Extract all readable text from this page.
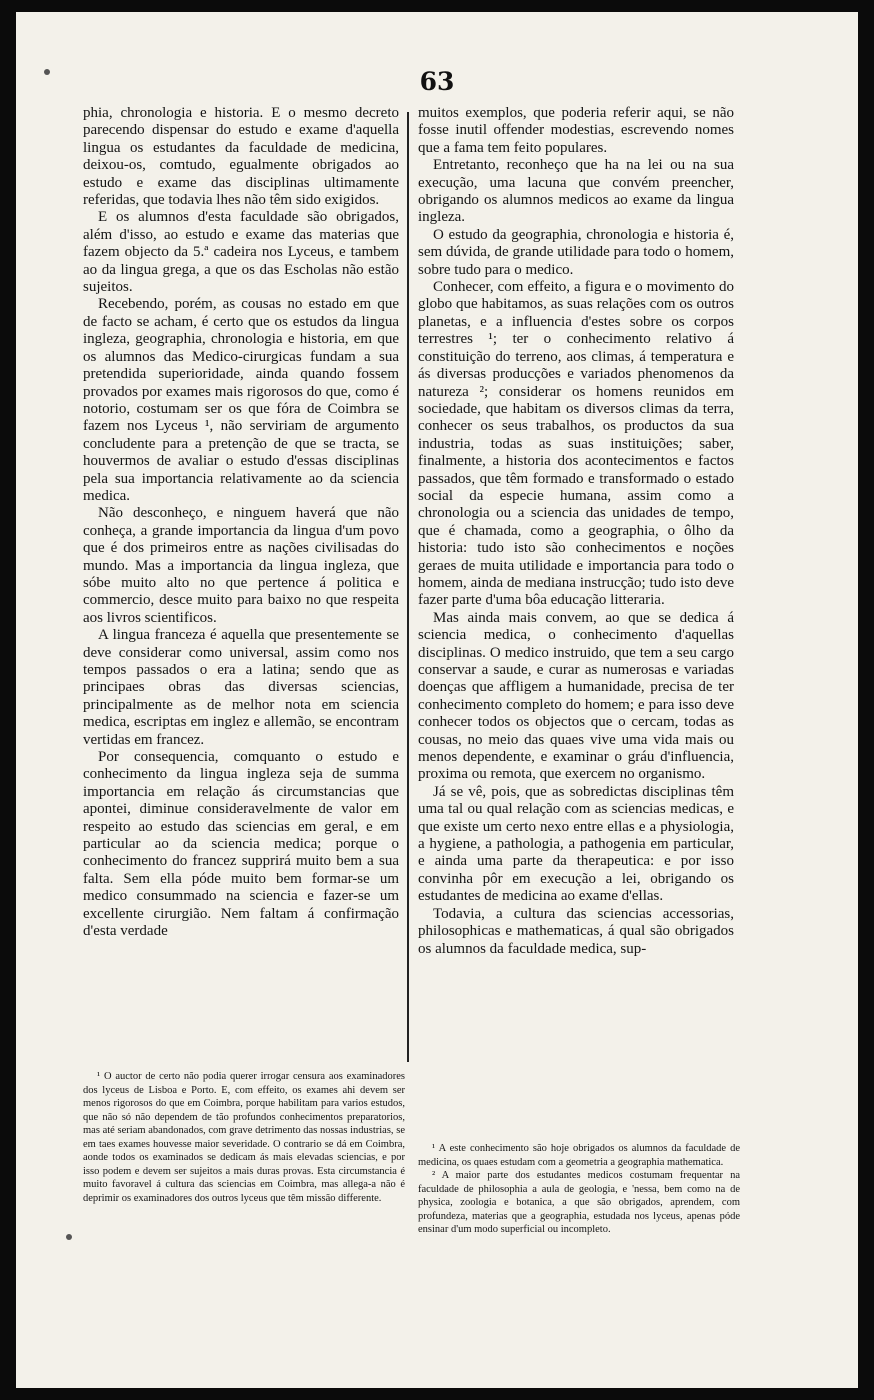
63

phia, chronologia e historia. E o mesmo decreto parecendo dispensar do estudo e exame d'aquella lingua os estudantes da faculdade de medicina, deixou-os, comtudo, egualmente obrigados ao estudo e exame das disciplinas ultimamente referidas, que todavia lhes não têm sido exigidos.

E os alumnos d'esta faculdade são obrigados, além d'isso, ao estudo e exame das materias que fazem objecto da 5.ª cadeira nos Lyceus, e tambem ao da lingua grega, a que os das Escholas não estão sujeitos.

Recebendo, porém, as cousas no estado em que de facto se acham, é certo que os estudos da lingua ingleza, geographia, chronologia e historia, em que os alumnos das Medico-cirurgicas fundam a sua pretendida superioridade, ainda quando fossem provados por exames mais rigorosos do que, como é notorio, costumam ser os que fóra de Coimbra se fazem nos Lyceus ¹, não serviriam de argumento concludente para a pretenção de que se tracta, se houvermos de avaliar o estudo d'essas disciplinas pela sua importancia relativamente ao da sciencia medica.

Não desconheço, e ninguem haverá que não conheça, a grande importancia da lingua d'um povo que é dos primeiros entre as nações civilisadas do mundo. Mas a importancia da lingua ingleza, que sóbe muito alto no que pertence á politica e commercio, desce muito para baixo no que respeita aos livros scientificos.

A lingua franceza é aquella que presentemente se deve considerar como universal, assim como nos tempos passados o era a latina; sendo que as principaes obras das diversas sciencias, principalmente as de melhor nota em sciencia medica, escriptas em inglez e allemão, se encontram vertidas em francez.

Por consequencia, comquanto o estudo e conhecimento da lingua ingleza seja de summa importancia em relação ás circumstancias que apontei, diminue consideravelmente de valor em respeito ao estudo das sciencias em geral, e em particular ao da sciencia medica; porque o conhecimento do francez supprirá muito bem a sua falta. Sem ella póde muito bem formar-se um medico consummado na sciencia e fazer-se um excellente cirurgião. Nem faltam á confirmação d'esta verdade

muitos exemplos, que poderia referir aqui, se não fosse inutil offender modestias, escrevendo nomes que a fama tem feito populares.

Entretanto, reconheço que ha na lei ou na sua execução, uma lacuna que convém preencher, obrigando os alumnos medicos ao exame da lingua ingleza.

O estudo da geographia, chronologia e historia é, sem dúvida, de grande utilidade para todo o homem, sobre tudo para o medico.

Conhecer, com effeito, a figura e o movimento do globo que habitamos, as suas relações com os outros planetas, e a influencia d'estes sobre os corpos terrestres ¹; ter o conhecimento relativo á constituição do terreno, aos climas, á temperatura e ás diversas producções e variados phenomenos da natureza ²; considerar os homens reunidos em sociedade, que habitam os diversos climas da terra, conhecer os seus trabalhos, os productos da sua industria, todas as suas instituições; saber, finalmente, a historia dos acontecimentos e factos passados, que têm formado e transformado o estado social da especie humana, assim como a chronologia ou a sciencia das unidades de tempo, que é chamada, como a geographia, o ôlho da historia: tudo isto são conhecimentos e noções geraes de muita utilidade e importancia para todo o homem, ainda de mediana instrucção; tudo isto deve fazer parte d'uma bôa educação litteraria.

Mas ainda mais convem, ao que se dedica á sciencia medica, o conhecimento d'aquellas disciplinas. O medico instruido, que tem a seu cargo conservar a saude, e curar as numerosas e variadas doenças que affligem a humanidade, precisa de ter conhecimento completo do homem; e para isso deve conhecer todos os objectos que o cercam, todas as cousas, no meio das quaes vive uma vida mais ou menos dependente, e examinar o gráu d'influencia, proxima ou remota, que exercem no organismo.

Já se vê, pois, que as sobredictas disciplinas têm uma tal ou qual relação com as sciencias medicas, e que existe um certo nexo entre ellas e a physiologia, a hygiene, a pathologia, a pathogenia em particular, e ainda uma parte da therapeutica: e por isso convinha pôr em execução a lei, obrigando os estudantes de medicina ao exame d'ellas.

Todavia, a cultura das sciencias accessorias, philosophicas e mathematicas, á qual são obrigados os alumnos da faculdade medica, sup-

¹ O auctor de certo não podia querer irrogar censura aos examinadores dos lyceus de Lisboa e Porto. E, com effeito, os exames ahi devem ser menos rigorosos do que em Coimbra, porque habilitam para varios estudos, que não só não dependem de tão profundos conhecimentos preparatorios, mas até seriam abandonados, com grave detrimento das nossas industrias, se em taes exames houvesse maior severidade. O contrario se dá em Coimbra, aonde todos os examinados se dedicam ás mais elevadas sciencias, e por isso podem e devem ser sujeitos a mais duras provas. Esta circumstancia é muito favoravel á cultura das sciencias em Coimbra, mas allega-a não é deprimir os examinadores dos outros lyceus que têm missão differente.

¹ A este conhecimento são hoje obrigados os alumnos da faculdade de medicina, os quaes estudam com a geometria a geographia mathematica.

² A maior parte dos estudantes medicos costumam frequentar na faculdade de philosophia a aula de geologia, e 'nessa, bem como na de physica, zoologia e botanica, a que são obrigados, aprendem, com profundeza, materias que a geographia, estudada nos lyceus, apenas póde ensinar d'um modo superficial ou incompleto.
